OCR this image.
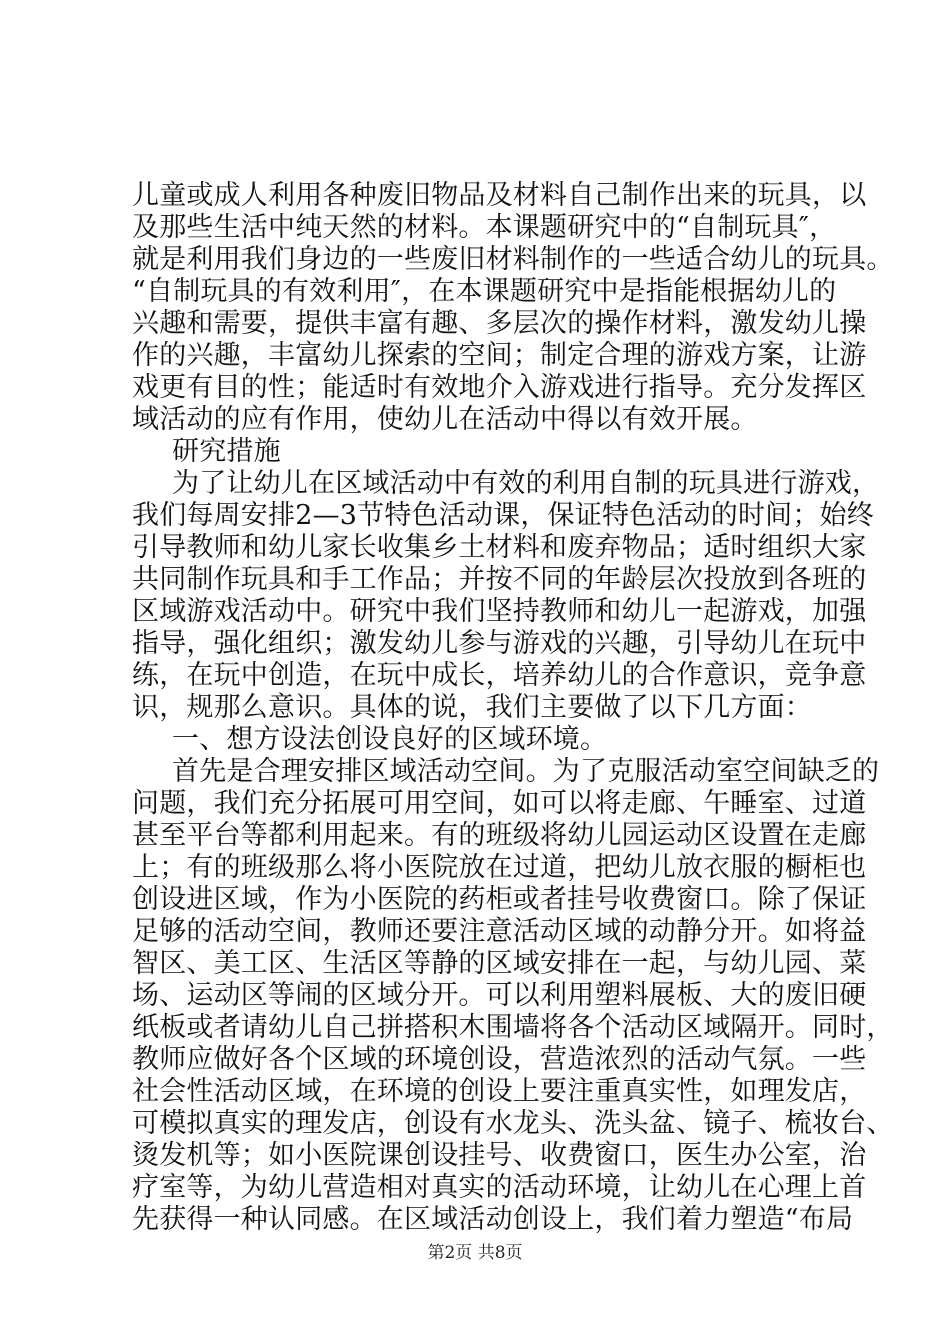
儿童或成人利用各种废旧物品及材料自己制作出来的玩具，以
及那些生活中纯天然的材料。本课题研究中的“自制玩具″，
就是利用我们身边的一些废旧材料制作的一些适合幼儿的玩具。
“自制玩具的有效利用″，在本课题研究中是指能根据幼儿的
兴趣和需要，提供丰富有趣、多层次的操作材料，激发幼儿操
作的兴趣，丰富幼儿探索的空间；制定合理的游戏方案，让游
戏更有目的性；能适时有效地介入游戏进行指导。充分发挥区
域活动的应有作用，使幼儿在活动中得以有效开展。
研究措施
为了让幼儿在区域活动中有效的利用自制的玩具进行游戏，
我们每周安排2—3节特色活动课，保证特色活动的时间；始终
引导教师和幼儿家长收集乡土材料和废弃物品；适时组织大家
共同制作玩具和手工作品；并按不同的年龄层次投放到各班的
区域游戏活动中。研究中我们坚持教师和幼儿一起游戏，加强
指导，强化组织；激发幼儿参与游戏的兴趣，引导幼儿在玩中
练，在玩中创造，在玩中成长，培养幼儿的合作意识，竞争意
识，规那么意识。具体的说，我们主要做了以下几方面：
一、想方设法创设良好的区域环境。
首先是合理安排区域活动空间。为了克服活动室空间缺乏的
问题，我们充分拓展可用空间，如可以将走廊、午睡室、过道
甚至平台等都利用起来。有的班级将幼儿园运动区设置在走廊
上；有的班级那么将小医院放在过道，把幼儿放衣服的橱柜也
创设进区域，作为小医院的药柜或者挂号收费窗口。除了保证
足够的活动空间，教师还要注意活动区域的动静分开。如将益
智区、美工区、生活区等静的区域安排在一起，与幼儿园、菜
场、运动区等闹的区域分开。可以利用塑料展板、大的废旧硬
纸板或者请幼儿自己拼搭积木围墙将各个活动区域隔开。同时，
教师应做好各个区域的环境创设，营造浓烈的活动气氛。一些
社会性活动区域，在环境的创设上要注重真实性，如理发店，
可模拟真实的理发店，创设有水龙头、洗头盆、镜子、梳妆台、
烫发机等；如小医院课创设挂号、收费窗口，医生办公室，治
疗室等，为幼儿营造相对真实的活动环境，让幼儿在心理上首
先获得一种认同感。在区域活动创设上，我们着力塑造“布局
第2页 共8页
